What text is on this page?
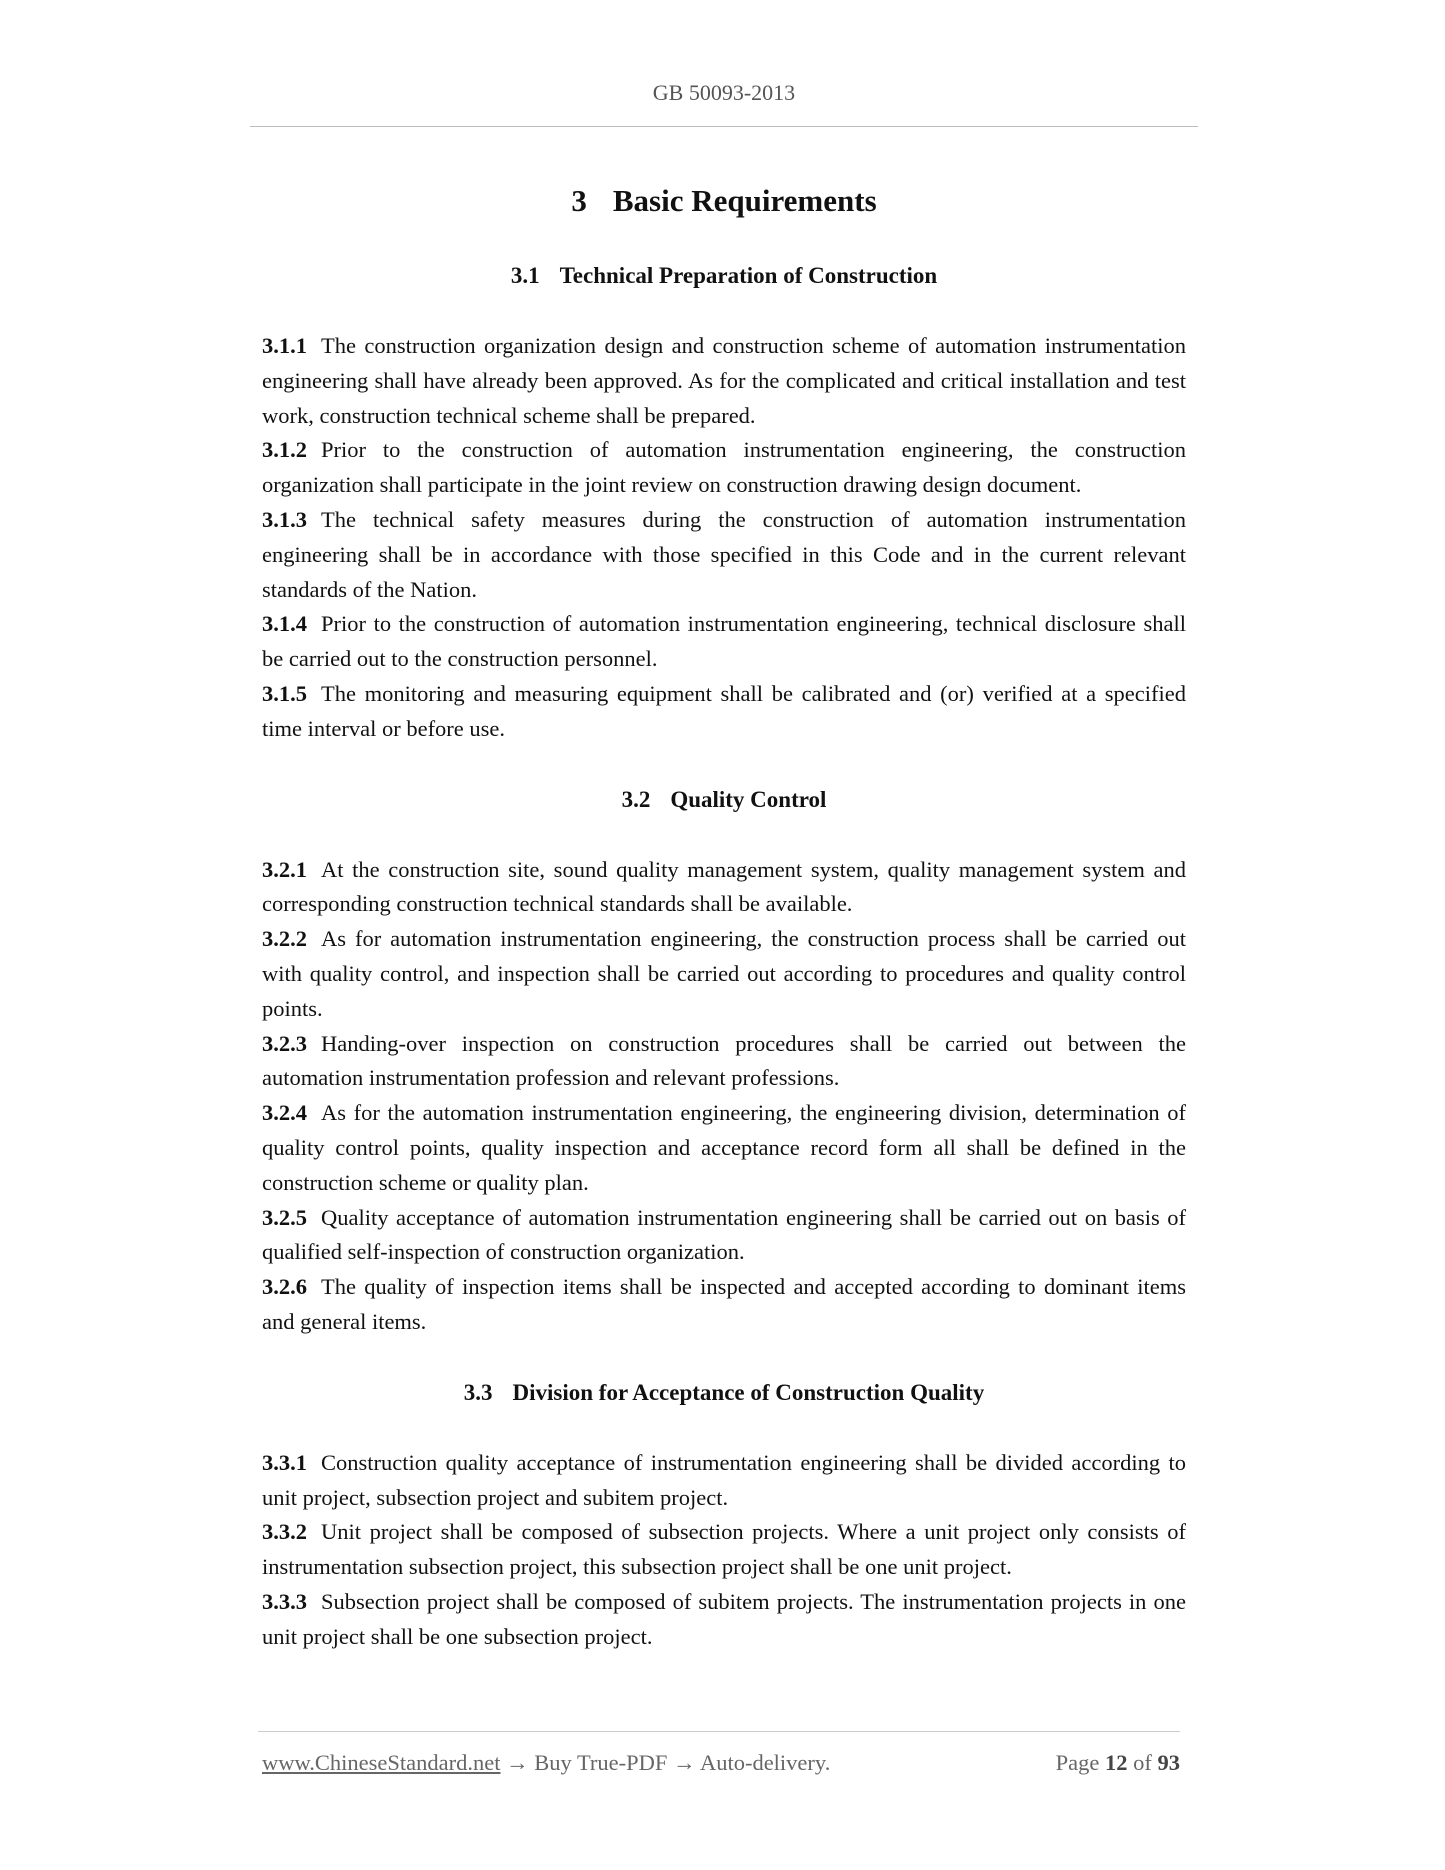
GB 50093-2013
3 Basic Requirements
3.1 Technical Preparation of Construction

3.1.1 The construction organization design and construction scheme of automation instrumentation engineering shall have already been approved. As for the complicated and critical installation and test work, construction technical scheme shall be prepared.

3.1.2 Prior to the construction of automation instrumentation engineering, the construction organization shall participate in the joint review on construction drawing design document.

3.1.3 The technical safety measures during the construction of automation instrumentation engineering shall be in accordance with those specified in this Code and in the current relevant standards of the Nation.

3.1.4 Prior to the construction of automation instrumentation engineering, technical disclosure shall be carried out to the construction personnel.

3.1.5 The monitoring and measuring equipment shall be calibrated and (or) verified at a specified time interval or before use.

3.2 Quality Control

3.2.1 At the construction site, sound quality management system, quality management system and corresponding construction technical standards shall be available.

3.2.2 As for automation instrumentation engineering, the construction process shall be carried out with quality control, and inspection shall be carried out according to procedures and quality control points.

3.2.3 Handing-over inspection on construction procedures shall be carried out between the automation instrumentation profession and relevant professions.

3.2.4 As for the automation instrumentation engineering, the engineering division, determination of quality control points, quality inspection and acceptance record form all shall be defined in the construction scheme or quality plan.

3.2.5 Quality acceptance of automation instrumentation engineering shall be carried out on basis of qualified self-inspection of construction organization.

3.2.6 The quality of inspection items shall be inspected and accepted according to dominant items and general items.

3.3 Division for Acceptance of Construction Quality

3.3.1 Construction quality acceptance of instrumentation engineering shall be divided according to unit project, subsection project and subitem project.

3.3.2 Unit project shall be composed of subsection projects. Where a unit project only consists of instrumentation subsection project, this subsection project shall be one unit project.

3.3.3 Subsection project shall be composed of subitem projects. The instrumentation projects in one unit project shall be one subsection project.

www.ChineseStandard.net → Buy True-PDF → Auto-delivery.	Page 12 of 93
